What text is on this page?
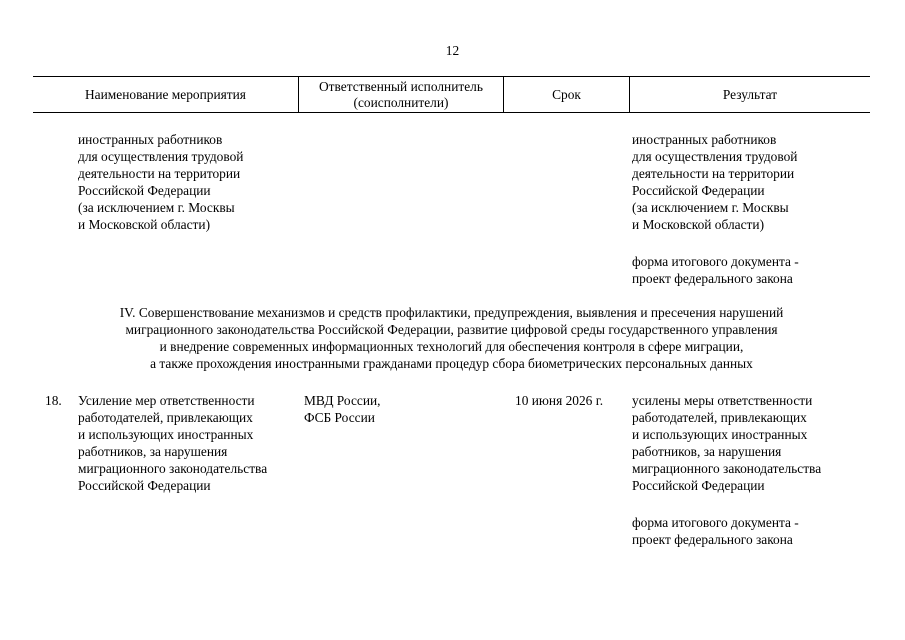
12
Наименование мероприятия
Ответственный исполнитель
(соисполнители)
Срок	Результат
иностранных работников
для осуществления трудовой
деятельности на территории
Российской Федерации
(за исключением г. Москвы
и Московской области)
иностранных работников
для осуществления трудовой
деятельности на территории
Российской Федерации
(за исключением г. Москвы
и Московской области)
форма итогового документа -
проект федерального закона
IV. Совершенствование механизмов и средств профилактики, предупреждения, выявления и пресечения нарушений
миграционного законодательства Российской Федерации, развитие цифровой среды государственного управления
и внедрение современных информационных технологий для обеспечения контроля в сфере миграции,
а также прохождения иностранными гражданами процедур сбора биометрических персональных данных
18. Усиление мер ответственности
работодателей, привлекающих
и использующих иностранных
работников, за нарушения
миграционного законодательства
Российской Федерации
МВД России,
ФСБ России
10 июня 2026 г. усилены меры ответственности
работодателей, привлекающих
и использующих иностранных
работников, за нарушения
миграционного законодательства
Российской Федерации
форма итогового документа -
проект федерального закона
